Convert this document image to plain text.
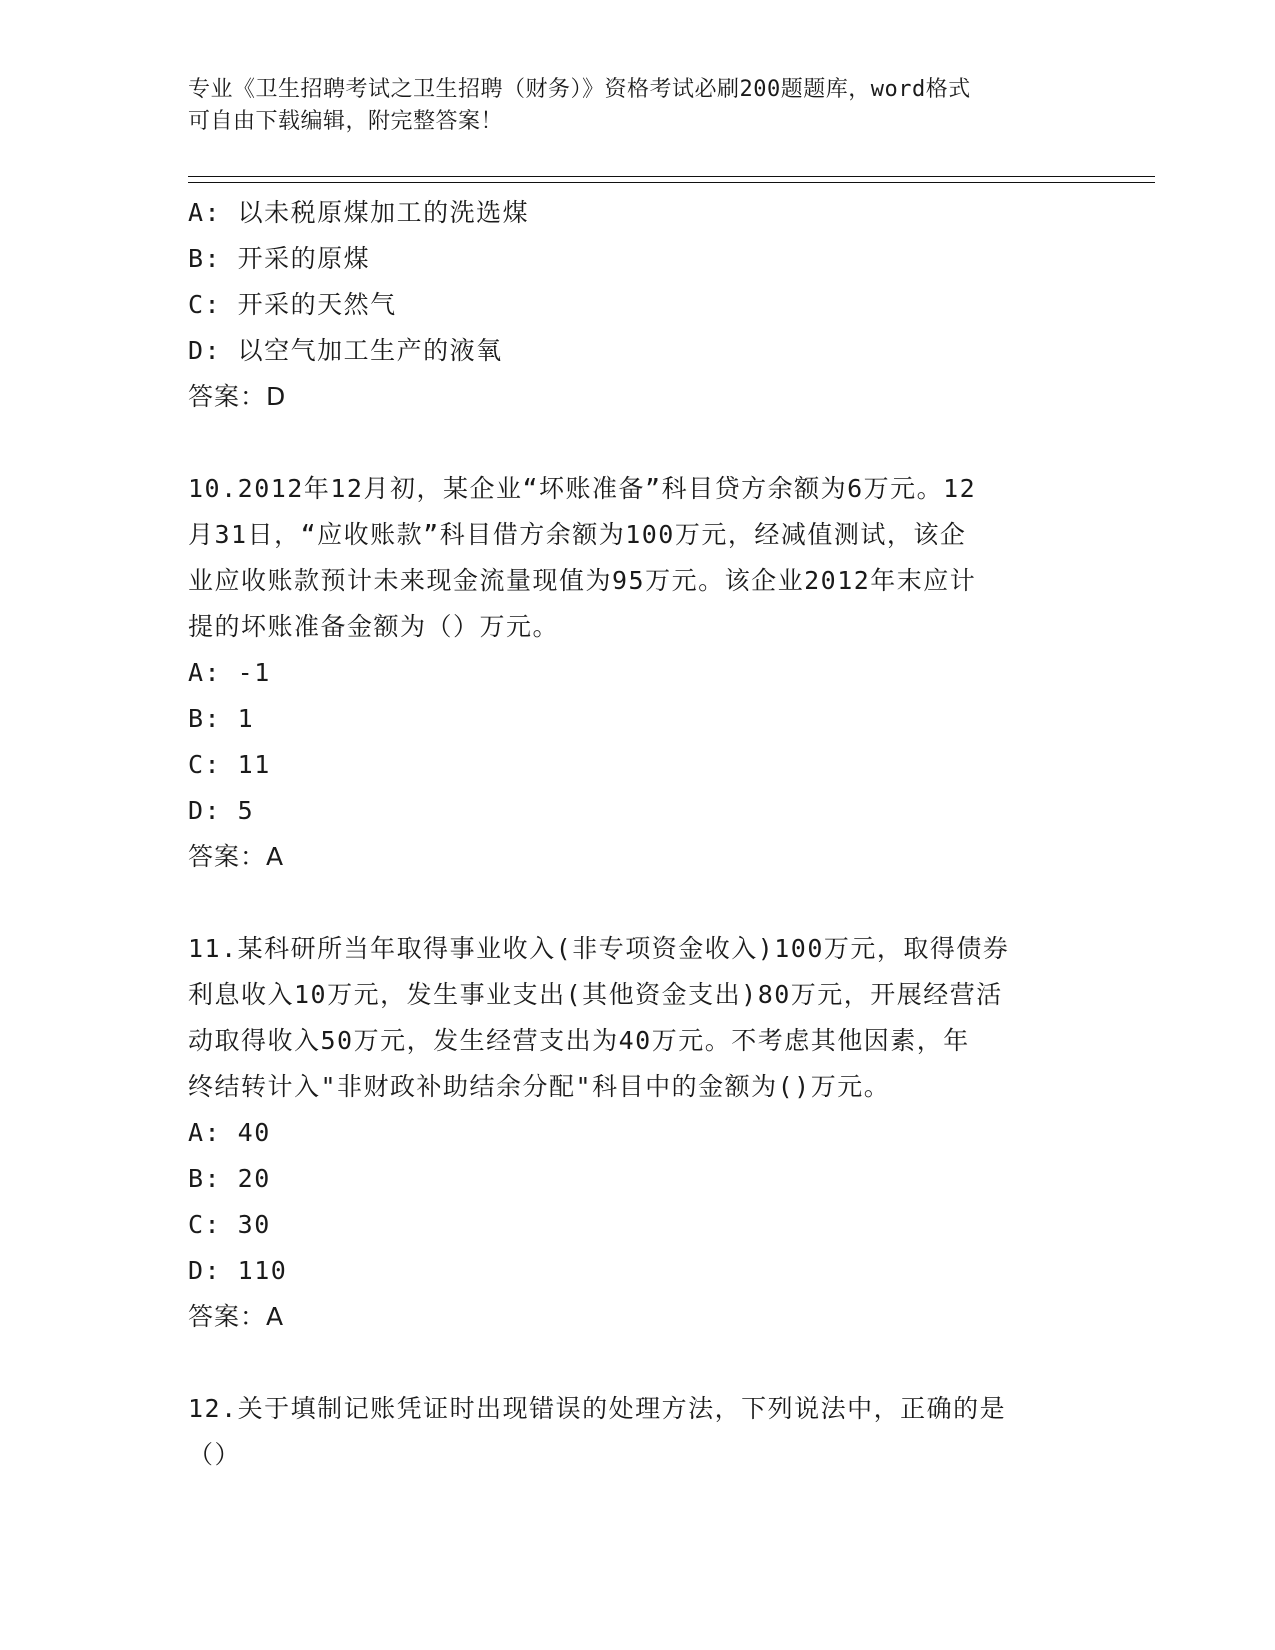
专业《卫生招聘考试之卫生招聘（财务）》资格考试必刷200题题库，word格式
可自由下载编辑，附完整答案！
A: 以未税原煤加工的洗选煤
B: 开采的原煤
C: 开采的天然气
D: 以空气加工生产的液氧
答案：D
10.2012年12月初，某企业“坏账准备”科目贷方余额为6万元。12
月31日，“应收账款”科目借方余额为100万元，经减值测试，该企
业应收账款预计未来现金流量现值为95万元。该企业2012年末应计
提的坏账准备金额为（）万元。
A: -1
B: 1
C: 11
D: 5
答案：A
11.某科研所当年取得事业收入(非专项资金收入)100万元，取得债券
利息收入10万元，发生事业支出(其他资金支出)80万元，开展经营活
动取得收入50万元，发生经营支出为40万元。不考虑其他因素，年
终结转计入"非财政补助结余分配"科目中的金额为()万元。
A: 40
B: 20
C: 30
D: 110
答案：A
12.关于填制记账凭证时出现错误的处理方法，下列说法中，正确的是
（）
